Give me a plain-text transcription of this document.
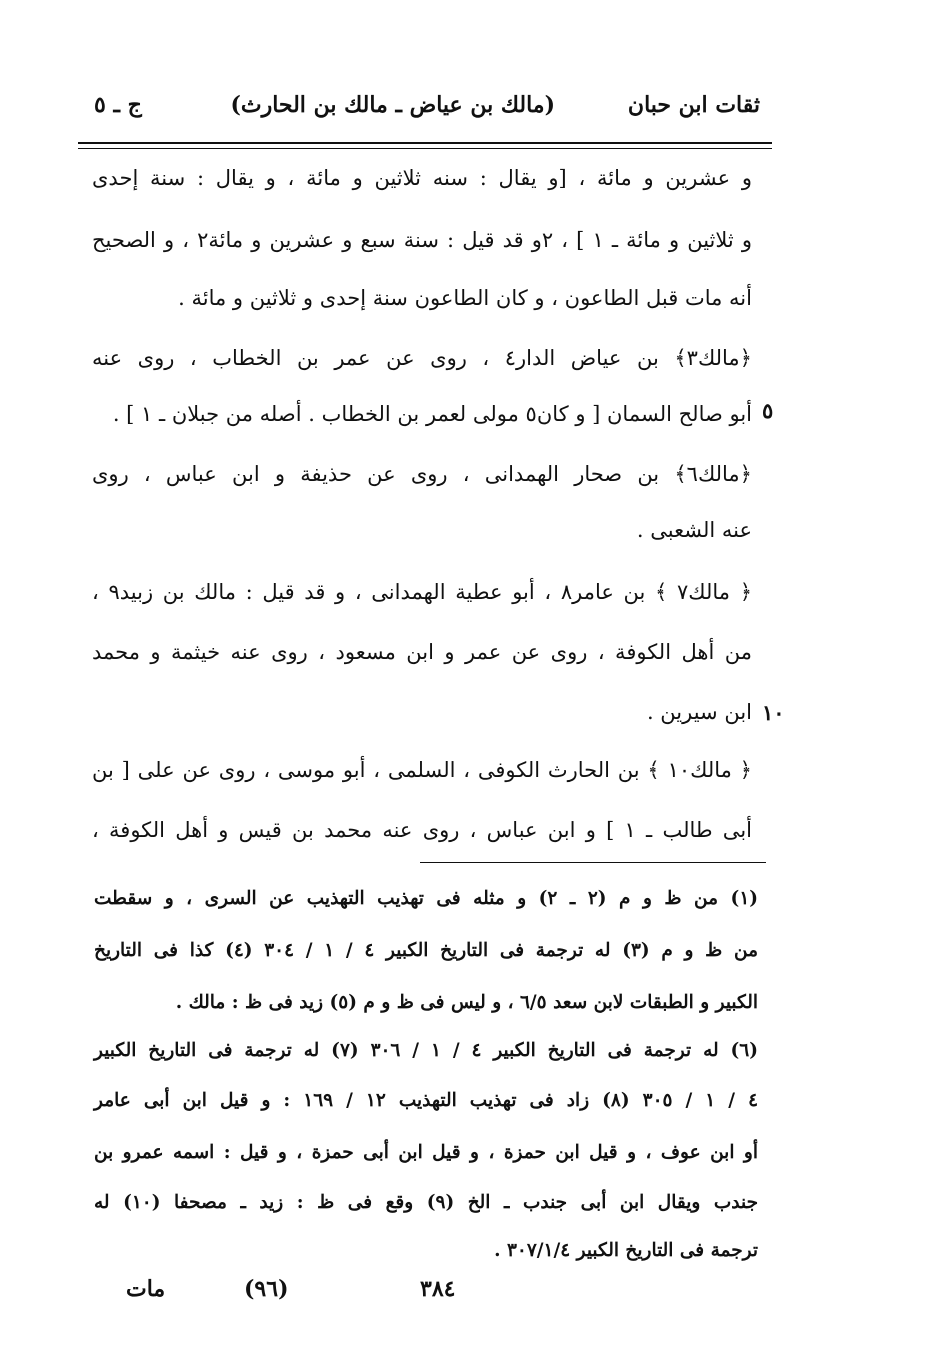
ثقات ابن حبان
(مالك بن عياض ـ مالك بن الحارث)
ج ـ ٥
و عشرين و مائة ، [و يقال : سنه ثلاثين و مائة ، و يقال : سنة إحدى
و ثلاثين و مائة ـ ١ ] ، ٢و قد قيل : سنة سبع و عشرين و مائة٢ ، و الصحيح
أنه مات قبل الطاعون ، و كان الطاعون سنة إحدى و ثلاثين و مائة .
﴿مالك٣﴾ بن عياض الدار٤ ، روى عن عمر بن الخطاب ، روى عنه
أبو صالح السمان [ و كان٥ مولى لعمر بن الخطاب . أصله من جبلان ـ ١ ] .
﴿مالك٦﴾ بن صحار الهمدانى ، روى عن حذيفة و ابن عباس ، روى
عنه الشعبى .
﴿ مالك٧ ﴾ بن عامر٨ ، أبو عطية الهمدانى ، و قد قيل : مالك بن زبيد٩ ،
من أهل الكوفة ، روى عن عمر و ابن مسعود ، روى عنه خيثمة و محمد
ابن سيرين .
﴿ مالك١٠ ﴾ بن الحارث الكوفى ، السلمى ، أبو موسى ، روى عن على [ بن
أبى طالب ـ ١ ] و ابن عباس ، روى عنه محمد بن قيس و أهل الكوفة ،
٥
١٠
(١) من ظ و م (٢ ـ ٢) و مثله فى تهذيب التهذيب عن السرى ، و سقطت
من ظ و م (٣) له ترجمة فى التاريخ الكبير ٤ / ١ / ٣٠٤ (٤) كذا فى التاريخ
الكبير و الطبقات لابن سعد ٦/٥ ، و ليس فى ظ و م (٥) زيد فى ظ : مالك .
(٦) له ترجمة فى التاريخ الكبير ٤ / ١ / ٣٠٦ (٧) له ترجمة فى التاريخ الكبير
٤ / ١ / ٣٠٥ (٨) زاد فى تهذيب التهذيب ١٢ / ١٦٩ : و قيل ابن أبى عامر
أو ابن عوف ، و قيل ابن حمزة ، و قيل ابن أبى حمزة ، و قيل : اسمه عمرو بن
جندب ويقال ابن أبى جندب ـ الخ (٩) وقع فى ظ : زيد ـ مصحفا (١٠) له
ترجمة فى التاريخ الكبير ٣٠٧/١/٤ .
٣٨٤
(٩٦)
مات
